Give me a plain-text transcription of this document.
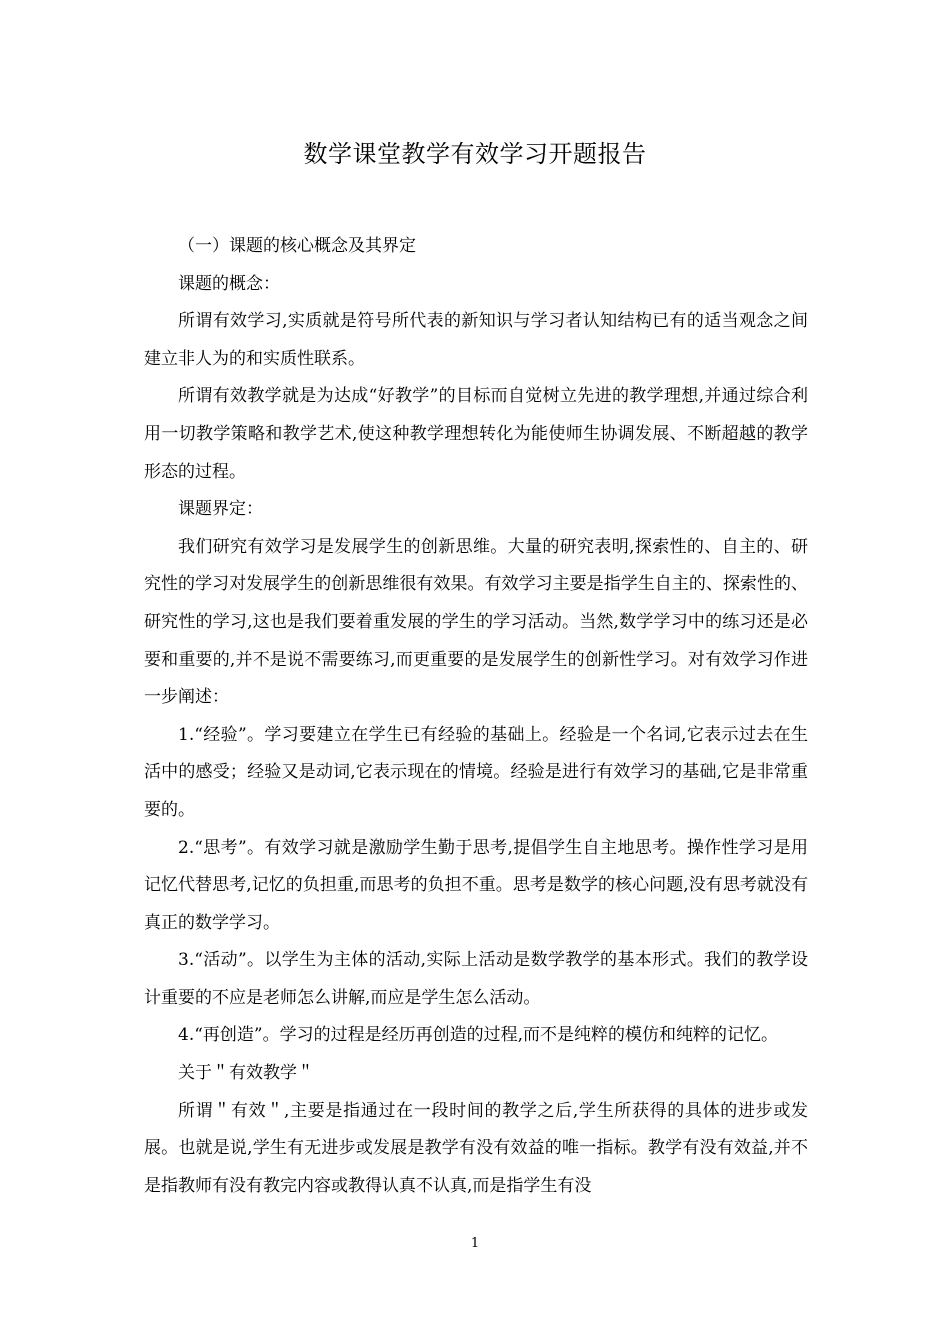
数学课堂教学有效学习开题报告

（一）课题的核心概念及其界定

课题的概念：

所谓有效学习,实质就是符号所代表的新知识与学习者认知结构已有的适当观念之间建立非人为的和实质性联系。

所谓有效教学就是为达成“好教学”的目标而自觉树立先进的教学理想,并通过综合利用一切教学策略和教学艺术,使这种教学理想转化为能使师生协调发展、不断超越的教学形态的过程。

课题界定：

我们研究有效学习是发展学生的创新思维。大量的研究表明,探索性的、自主的、研究性的学习对发展学生的创新思维很有效果。有效学习主要是指学生自主的、探索性的、研究性的学习,这也是我们要着重发展的学生的学习活动。当然,数学学习中的练习还是必要和重要的,并不是说不需要练习,而更重要的是发展学生的创新性学习。对有效学习作进一步阐述：

1.“经验”。学习要建立在学生已有经验的基础上。经验是一个名词,它表示过去在生活中的感受；经验又是动词,它表示现在的情境。经验是进行有效学习的基础,它是非常重要的。

2.“思考”。有效学习就是激励学生勤于思考,提倡学生自主地思考。操作性学习是用记忆代替思考,记忆的负担重,而思考的负担不重。思考是数学的核心问题,没有思考就没有真正的数学学习。

3.“活动”。以学生为主体的活动,实际上活动是数学教学的基本形式。我们的教学设计重要的不应是老师怎么讲解,而应是学生怎么活动。

4.“再创造”。学习的过程是经历再创造的过程,而不是纯粹的模仿和纯粹的记忆。

关于＂有效教学＂

所谓＂有效＂,主要是指通过在一段时间的教学之后,学生所获得的具体的进步或发展。也就是说,学生有无进步或发展是教学有没有效益的唯一指标。教学有没有效益,并不是指教师有没有教完内容或教得认真不认真,而是指学生有没

1
